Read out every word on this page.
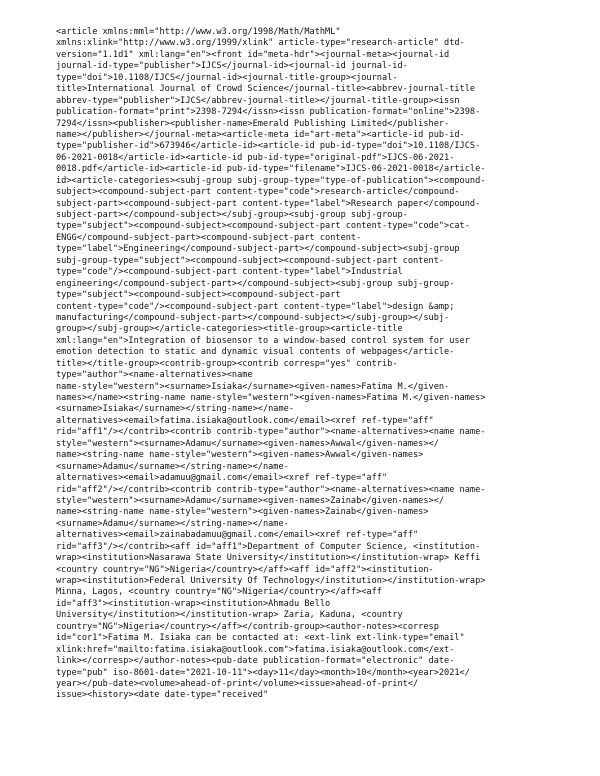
<article xmlns:mml="http://www.w3.org/1998/Math/MathML"
xmlns:xlink="http://www.w3.org/1999/xlink" article-type="research-article" dtd-
version="1.1d1" xml:lang="en"><front id="meta-hdr"><journal-meta><journal-id
journal-id-type="publisher">IJCS</journal-id><journal-id journal-id-
type="doi">10.1108/IJCS</journal-id><journal-title-group><journal-
title>International Journal of Crowd Science</journal-title><abbrev-journal-title
abbrev-type="publisher">IJCS</abbrev-journal-title></journal-title-group><issn
publication-format="print">2398-7294</issn><issn publication-format="online">2398-
7294</issn><publisher><publisher-name>Emerald Publishing Limited</publisher-
name></publisher></journal-meta><article-meta id="art-meta"><article-id pub-id-
type="publisher-id">673946</article-id><article-id pub-id-type="doi">10.1108/IJCS-
06-2021-0018</article-id><article-id pub-id-type="original-pdf">IJCS-06-2021-
0018.pdf</article-id><article-id pub-id-type="filename">IJCS-06-2021-0018</article-
id><article-categories><subj-group subj-group-type="type-of-publication"><compound-
subject><compound-subject-part content-type="code">research-article</compound-
subject-part><compound-subject-part content-type="label">Research paper</compound-
subject-part></compound-subject></subj-group><subj-group subj-group-
type="subject"><compound-subject><compound-subject-part content-type="code">cat-
ENGG</compound-subject-part><compound-subject-part content-
type="label">Engineering</compound-subject-part></compound-subject><subj-group
subj-group-type="subject"><compound-subject><compound-subject-part content-
type="code"/><compound-subject-part content-type="label">Industrial
engineering</compound-subject-part></compound-subject><subj-group subj-group-
type="subject"><compound-subject><compound-subject-part
content-type="code"/><compound-subject-part content-type="label">design &amp;
manufacturing</compound-subject-part></compound-subject></subj-group></subj-
group></subj-group></article-categories><title-group><article-title
xml:lang="en">Integration of biosensor to a window-based control system for user
emotion detection to static and dynamic visual contents of webpages</article-
title></title-group><contrib-group><contrib corresp="yes" contrib-
type="author"><name-alternatives><name
name-style="western"><surname>Isiaka</surname><given-names>Fatima M.</given-
names></name><string-name name-style="western"><given-names>Fatima M.</given-names>
<surname>Isiaka</surname></string-name></name-
alternatives><email>fatima.isiaka@outlook.com</email><xref ref-type="aff"
rid="aff1"/></contrib><contrib contrib-type="author"><name-alternatives><name name-
style="western"><surname>Adamu</surname><given-names>Awwal</given-names></
name><string-name name-style="western"><given-names>Awwal</given-names>
<surname>Adamu</surname></string-name></name-
alternatives><email>adamuu@gmail.com</email><xref ref-type="aff"
rid="aff2"/></contrib><contrib contrib-type="author"><name-alternatives><name name-
style="western"><surname>Adamu</surname><given-names>Zainab</given-names></
name><string-name name-style="western"><given-names>Zainab</given-names>
<surname>Adamu</surname></string-name></name-
alternatives><email>zainabadamuu@gmail.com</email><xref ref-type="aff"
rid="aff3"/></contrib><aff id="aff1">Department of Computer Science, <institution-
wrap><institution>Nasarawa State University</institution></institution-wrap> Keffi
<country country="NG">Nigeria</country></aff><aff id="aff2"><institution-
wrap><institution>Federal University Of Technology</institution></institution-wrap>
Minna, Lagos, <country country="NG">Nigeria</country></aff><aff
id="aff3"><institution-wrap><institution>Ahmadu Bello
University</institution></institution-wrap> Zaria, Kaduna, <country
country="NG">Nigeria</country></aff></contrib-group><author-notes><corresp
id="cor1">Fatima M. Isiaka can be contacted at: <ext-link ext-link-type="email"
xlink:href="mailto:fatima.isiaka@outlook.com">fatima.isiaka@outlook.com</ext-
link></corresp></author-notes><pub-date publication-format="electronic" date-
type="pub" iso-8601-date="2021-10-11"><day>11</day><month>10</month><year>2021</
year></pub-date><volume>ahead-of-print</volume><issue>ahead-of-print</
issue><history><date date-type="received"
